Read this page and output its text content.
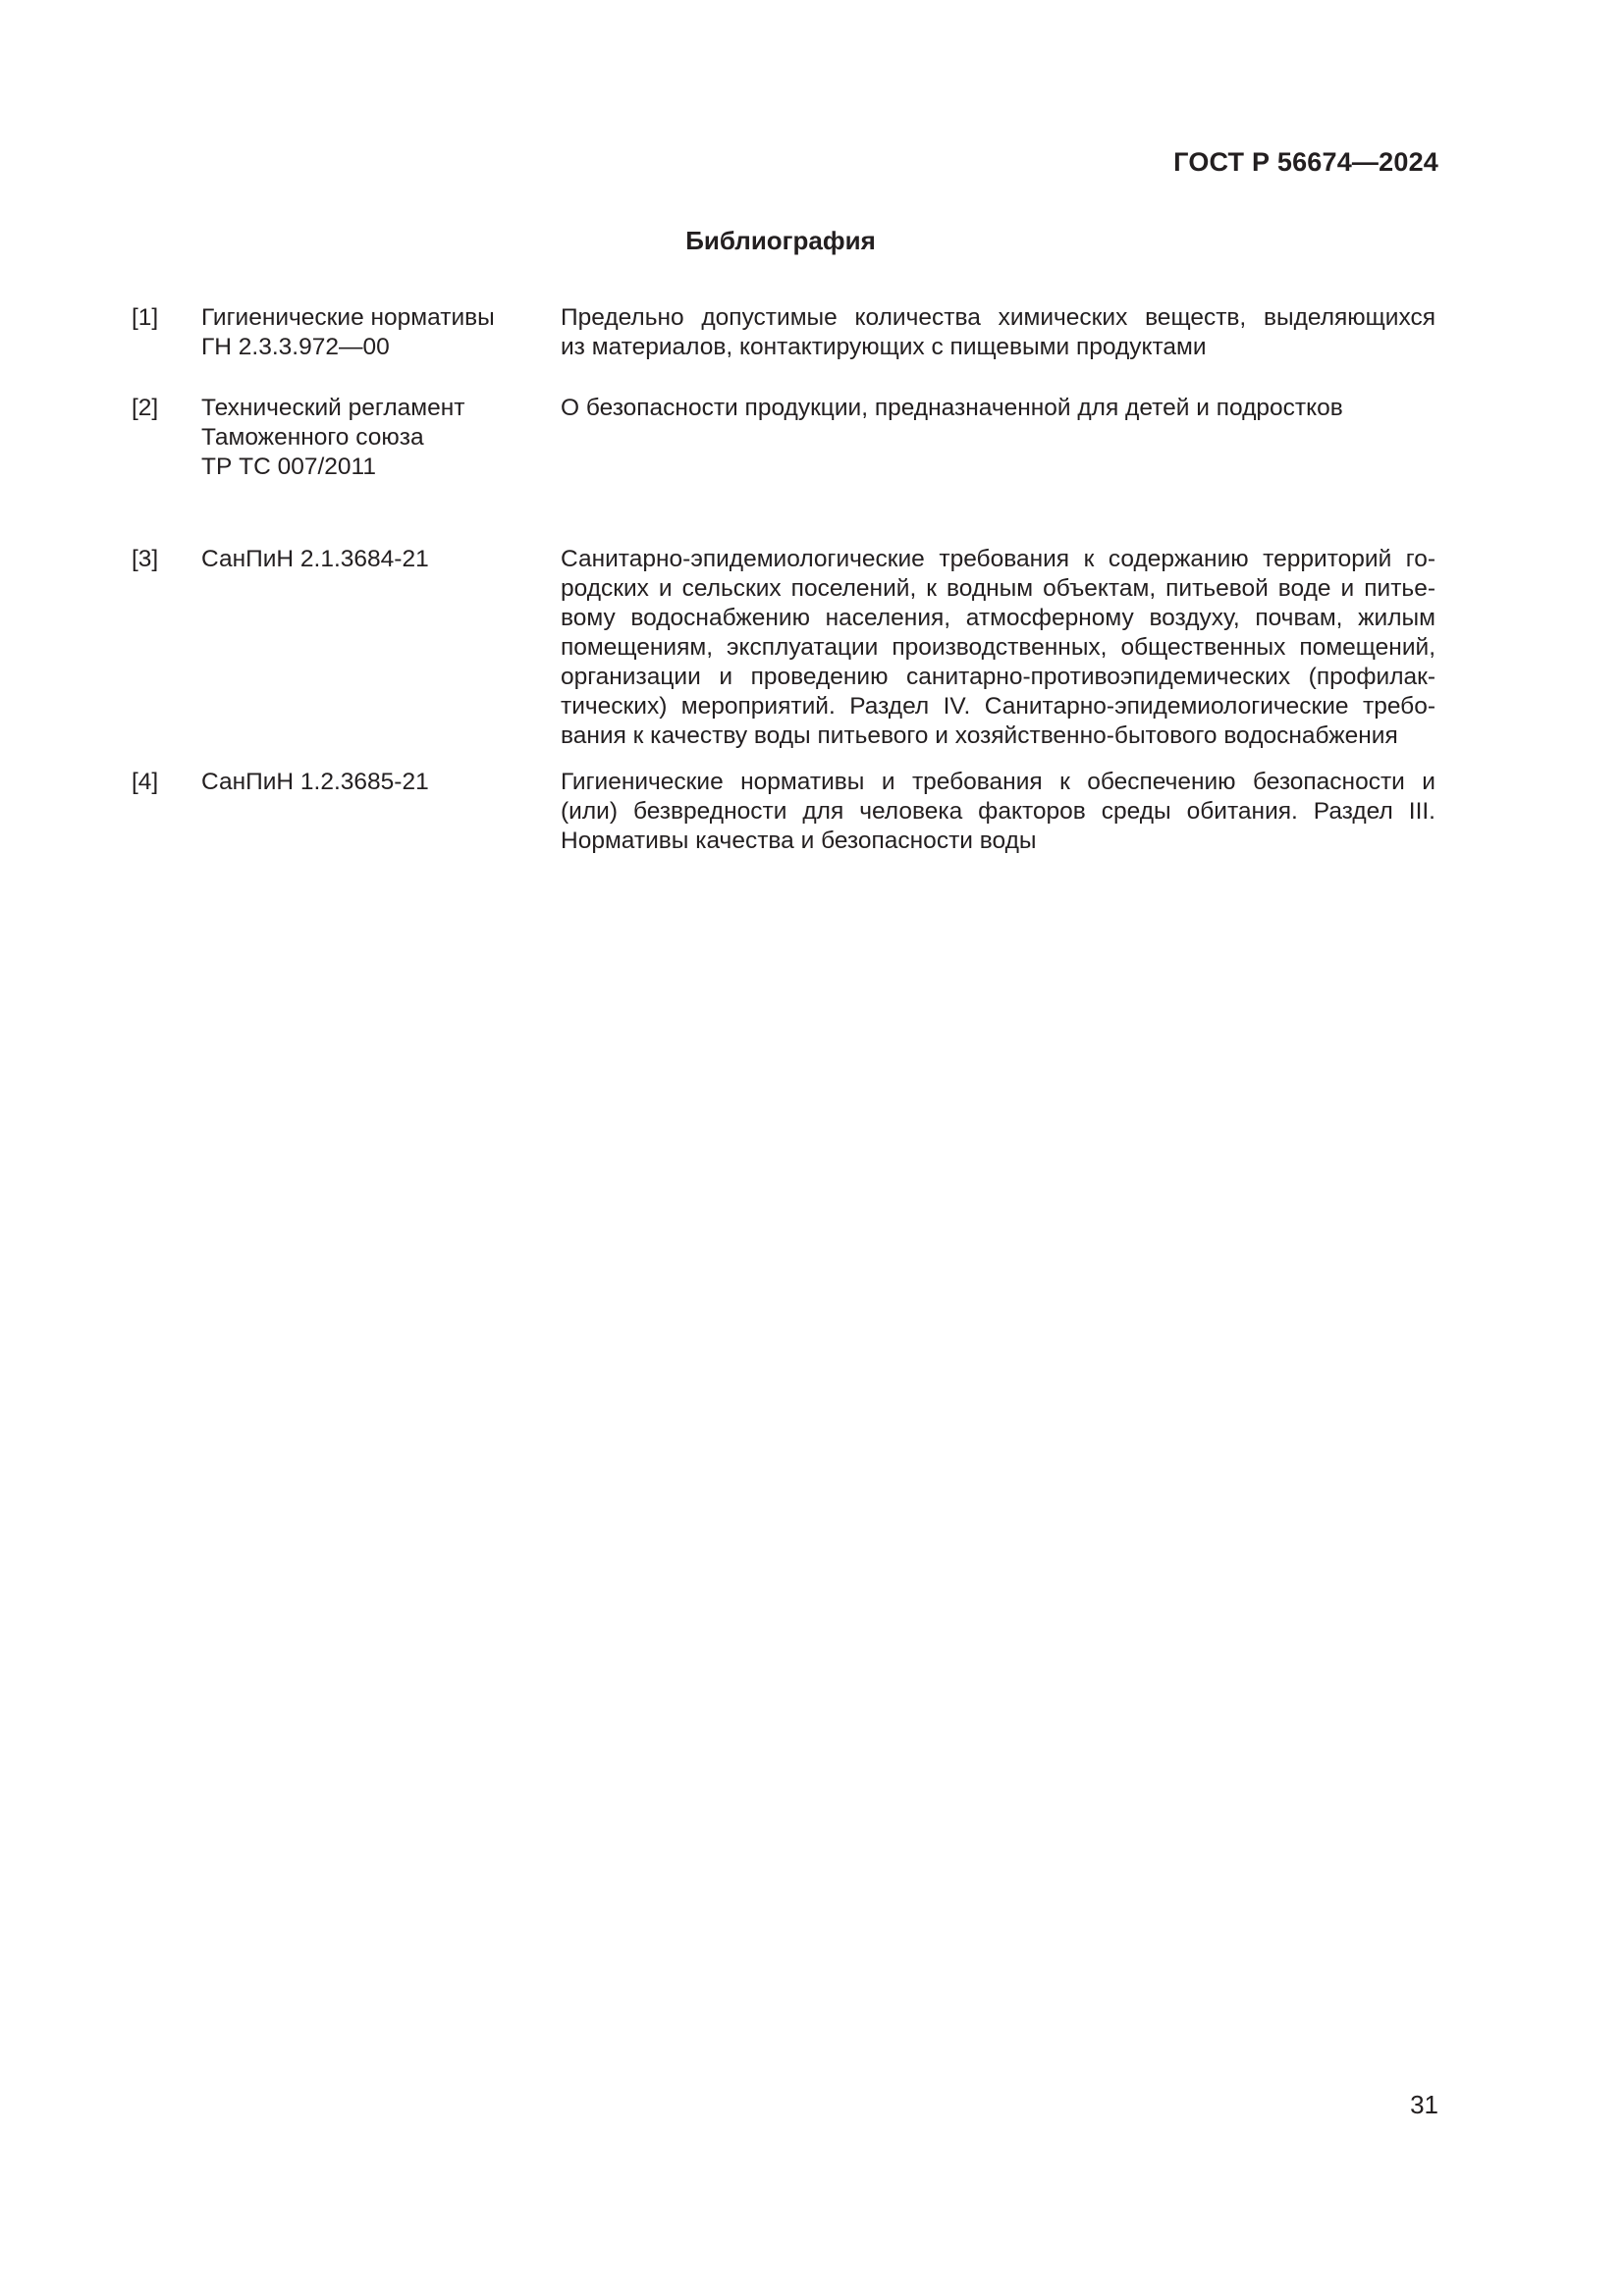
ГОСТ Р 56674—2024
Библиография
[1] Гигиенические нормативы
ГН 2.3.3.972—00
Предельно допустимые количества химических веществ, выделяющихся
из материалов, контактирующих с пищевыми продуктами
[2] Технический регламент
Таможенного союза
ТР ТС 007/2011
О безопасности продукции, предназначенной для детей и подростков
[3] СанПиН 2.1.3684-21	Санитарно-эпидемиологические требования к содержанию территорий го-
родских и сельских поселений, к водным объектам, питьевой воде и питье-
вому водоснабжению населения, атмосферному воздуху, почвам, жилым
помещениям, эксплуатации производственных, общественных помещений,
организации и проведению санитарно-противоэпидемических (профилак-
тических) мероприятий. Раздел IV. Санитарно-эпидемиологические требо-
вания к качеству воды питьевого и хозяйственно-бытового водоснабжения
[4] СанПиН 1.2.3685-21	Гигиенические нормативы и требования к обеспечению безопасности и
(или) безвредности для человека факторов среды обитания. Раздел III.
Нормативы качества и безопасности воды
31
